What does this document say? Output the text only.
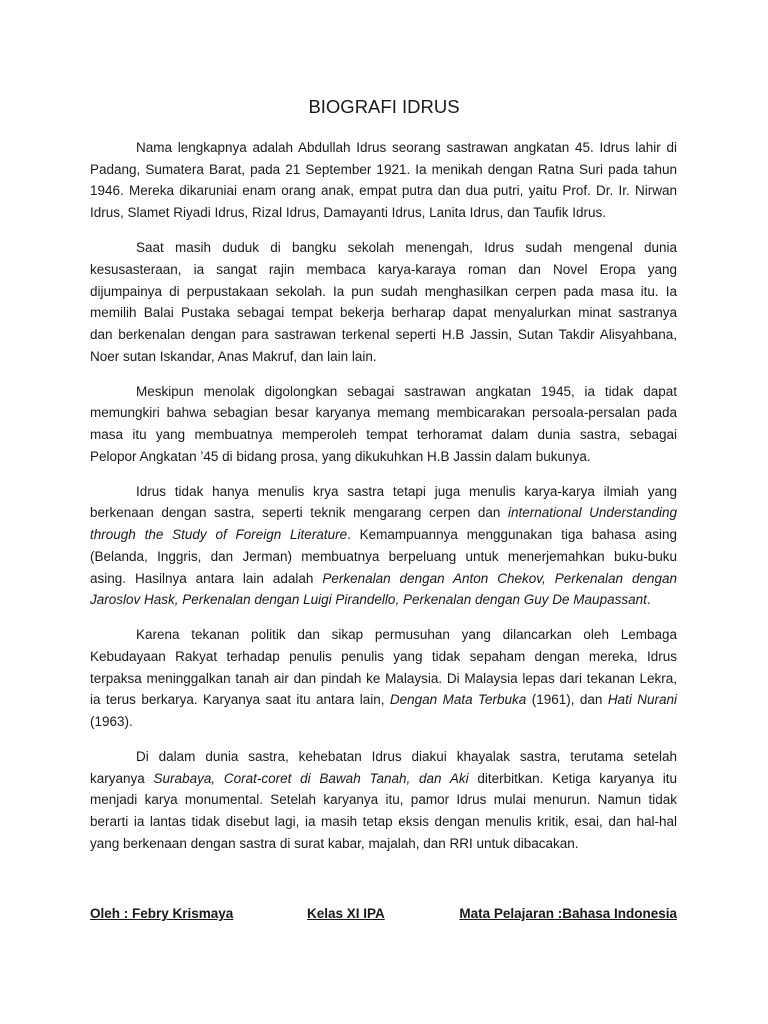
BIOGRAFI IDRUS
Nama lengkapnya adalah Abdullah Idrus seorang sastrawan angkatan 45. Idrus lahir di
Padang, Sumatera Barat, pada 21 September 1921. Ia menikah dengan Ratna Suri pada tahun
1946. Mereka dikaruniai enam orang anak, empat putra dan dua putri, yaitu Prof. Dr. Ir. Nirwan
Idrus, Slamet Riyadi Idrus, Rizal Idrus, Damayanti Idrus, Lanita Idrus, dan Taufik Idrus.
Saat masih duduk di bangku sekolah menengah, Idrus sudah mengenal dunia
kesusasteraan, ia sangat rajin membaca karya-karaya roman dan Novel Eropa yang
dijumpainya di perpustakaan sekolah. Ia pun sudah menghasilkan cerpen pada masa itu. Ia
memilih Balai Pustaka sebagai tempat bekerja berharap dapat menyalurkan minat sastranya
dan berkenalan dengan para sastrawan terkenal seperti H.B Jassin, Sutan Takdir Alisyahbana,
Noer sutan Iskandar, Anas Makruf, dan lain lain.
Meskipun menolak digolongkan sebagai sastrawan angkatan 1945, ia tidak dapat
memungkiri bahwa sebagian besar karyanya memang membicarakan persoala-persalan pada
masa itu yang membuatnya memperoleh tempat terhoramat dalam dunia sastra, sebagai
Pelopor Angkatan ’45 di bidang prosa, yang dikukuhkan H.B Jassin dalam bukunya.
Idrus tidak hanya menulis krya sastra tetapi juga menulis karya-karya ilmiah yang
berkenaan dengan sastra, seperti teknik mengarang cerpen dan international Understanding
through the Study of Foreign Literature. Kemampuannya menggunakan tiga bahasa asing
(Belanda, Inggris, dan Jerman) membuatnya berpeluang untuk menerjemahkan buku-buku
asing. Hasilnya antara lain adalah Perkenalan dengan Anton Chekov, Perkenalan dengan
Jaroslov Hask, Perkenalan dengan Luigi Pirandello, Perkenalan dengan Guy De Maupassant.
Karena tekanan politik dan sikap permusuhan yang dilancarkan oleh Lembaga
Kebudayaan Rakyat terhadap penulis penulis yang tidak sepaham dengan mereka, Idrus
terpaksa meninggalkan tanah air dan pindah ke Malaysia. Di Malaysia lepas dari tekanan Lekra,
ia terus berkarya. Karyanya saat itu antara lain, Dengan Mata Terbuka (1961), dan Hati Nurani
(1963).
Di dalam dunia sastra, kehebatan Idrus diakui khayalak sastra, terutama setelah
karyanya Surabaya, Corat-coret di Bawah Tanah, dan Aki diterbitkan. Ketiga karyanya itu
menjadi karya monumental. Setelah karyanya itu, pamor Idrus mulai menurun. Namun tidak
berarti ia lantas tidak disebut lagi, ia masih tetap eksis dengan menulis kritik, esai, dan hal-hal
yang berkenaan dengan sastra di surat kabar, majalah, dan RRI untuk dibacakan.
Oleh : Febry Krismaya	Kelas XI IPA	Mata Pelajaran :Bahasa Indonesia
